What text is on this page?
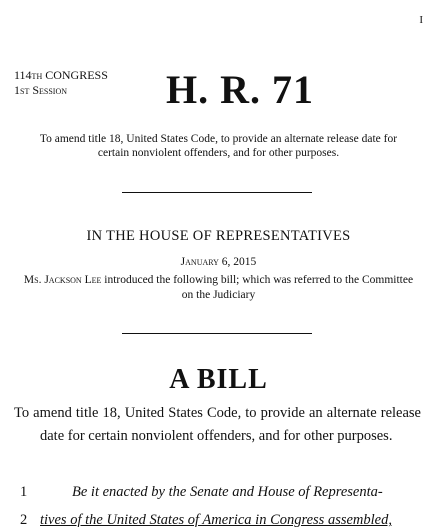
I
114th CONGRESS
1st Session	H. R. 71
To amend title 18, United States Code, to provide an alternate release date for certain nonviolent offenders, and for other purposes.
IN THE HOUSE OF REPRESENTATIVES
January 6, 2015
Ms. Jackson Lee introduced the following bill; which was referred to the Committee on the Judiciary
A BILL
To amend title 18, United States Code, to provide an alternate release date for certain nonviolent offenders, and for other purposes.
1	Be it enacted by the Senate and House of Representa-
2 tives of the United States of America in Congress assembled,
